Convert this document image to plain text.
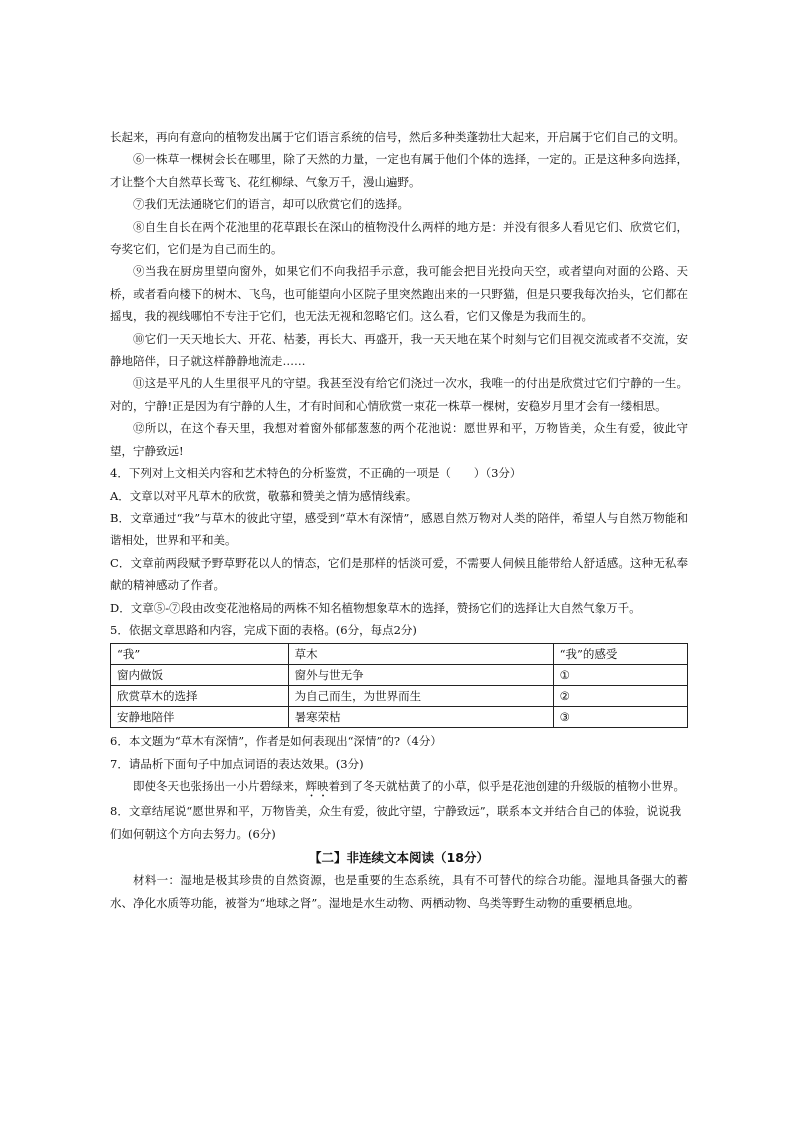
长起来，再向有意向的植物发出属于它们语言系统的信号，然后多种类蓬勃壮大起来，开启属于它们自己的文明。

⑥一株草一棵树会长在哪里，除了天然的力量，一定也有属于他们个体的选择，一定的。正是这种多向选择，才让整个大自然草长莺飞、花红柳绿、气象万千，漫山遍野。

⑦我们无法通晓它们的语言，却可以欣赏它们的选择。

⑧自生自长在两个花池里的花草跟长在深山的植物没什么两样的地方是：并没有很多人看见它们、欣赏它们，夸奖它们，它们是为自己而生的。

⑨当我在厨房里望向窗外，如果它们不向我招手示意，我可能会把目光投向天空，或者望向对面的公路、天桥，或者看向楼下的树木、飞鸟，也可能望向小区院子里突然跑出来的一只野猫，但是只要我每次抬头，它们都在摇曳，我的视线哪怕不专注于它们，也无法无视和忽略它们。这么看，它们又像是为我而生的。

⑩它们一天天地长大、开花、枯萎，再长大、再盛开，我一天天地在某个时刻与它们目视交流或者不交流，安静地陪伴，日子就这样静静地流走……

⑪这是平凡的人生里很平凡的守望。我甚至没有给它们浇过一次水，我唯一的付出是欣赏过它们宁静的一生。对的，宁静!正是因为有宁静的人生，才有时间和心情欣赏一束花一株草一棵树，安稳岁月里才会有一缕相思。

⑫所以，在这个春天里，我想对着窗外郁郁葱葱的两个花池说：愿世界和平，万物皆美，众生有爱，彼此守望，宁静致远!

4．下列对上文相关内容和艺术特色的分析鉴赏，不正确的一项是（　　）（3分）

A．文章以对平凡草木的欣赏，敬慕和赞美之情为感情线索。

B．文章通过“我”与草木的彼此守望，感受到“草木有深情”，感恩自然万物对人类的陪伴，希望人与自然万物能和谐相处，世界和平和美。

C．文章前两段赋予野草野花以人的情态，它们是那样的恬淡可爱，不需要人伺候且能带给人舒适感。这种无私奉献的精神感动了作者。

D．文章⑤-⑦段由改变花池格局的两株不知名植物想象草木的选择，赞扬它们的选择让大自然气象万千。

5．依据文章思路和内容，完成下面的表格。(6分，每点2分)

“我”	草木	“我”的感受
窗内做饭	窗外与世无争	①
欣赏草木的选择	为自己而生，为世界而生	②
安静地陪伴	暑寒荣枯	③

6．本文题为“草木有深情”，作者是如何表现出“深情”的?（4分）

7．请品析下面句子中加点词语的表达效果。(3分)

即使冬天也张扬出一小片碧绿来，辉映着到了冬天就枯黄了的小草，似乎是花池创建的升级版的植物小世界。

8．文章结尾说“愿世界和平，万物皆美，众生有爱，彼此守望，宁静致远”，联系本文并结合自己的体验，说说我们如何朝这个方向去努力。(6分)

【二】非连续文本阅读（18分）

材料一：湿地是极其珍贵的自然资源，也是重要的生态系统，具有不可替代的综合功能。湿地具备强大的蓄水、净化水质等功能，被誉为“地球之肾”。湿地是水生动物、两栖动物、鸟类等野生动物的重要栖息地。
